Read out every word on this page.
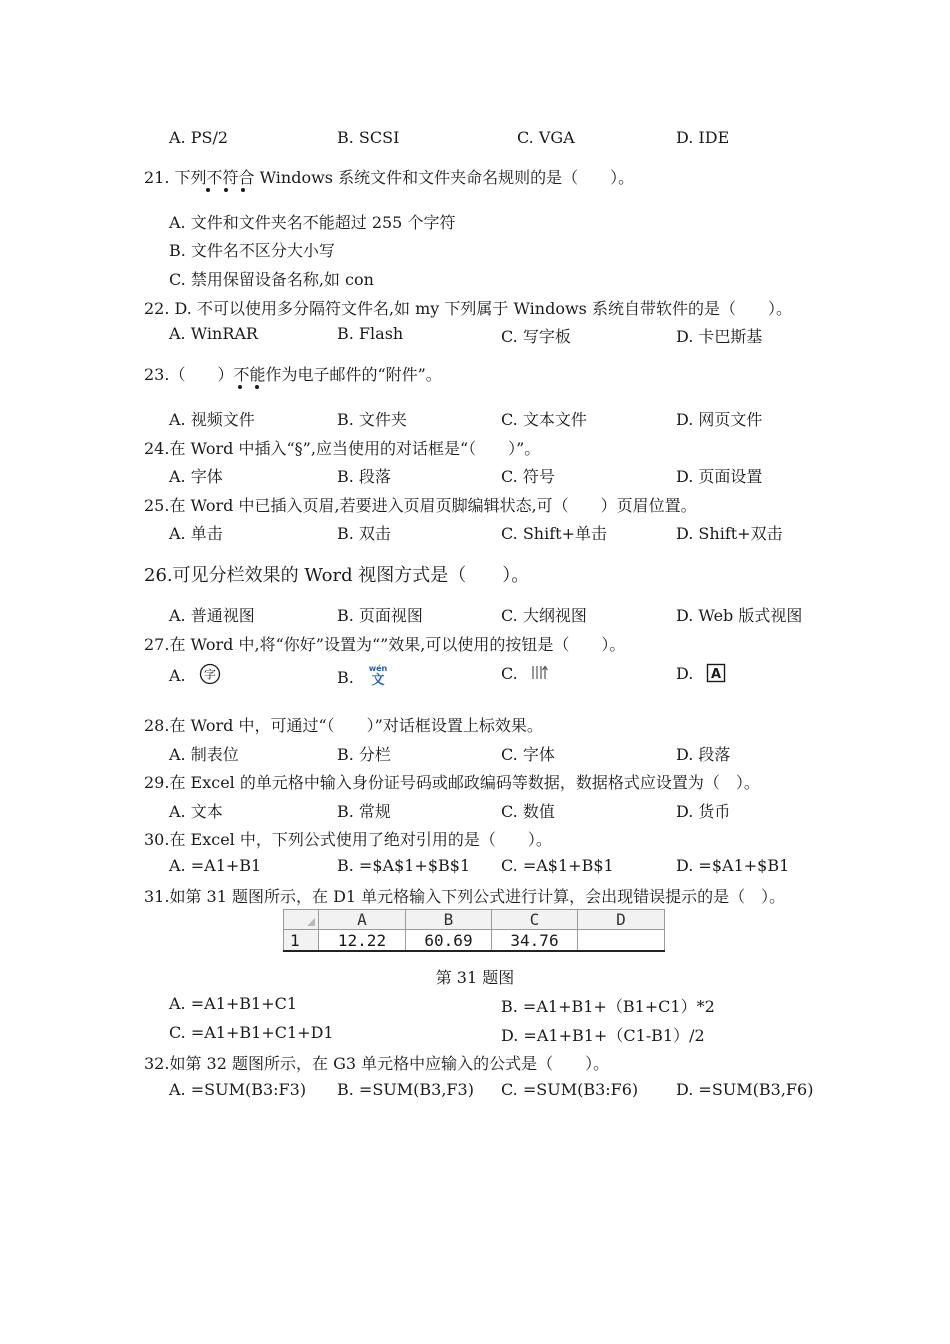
A. PS/2	B. SCSI	C. VGA	D. IDE
21. 下列不符合 Windows 系统文件和文件夹命名规则的是（　　）。
A. 文件和文件夹名不能超过 255 个字符
B. 文件名不区分大小写
C. 禁用保留设备名称,如 con
22. D. 不可以使用多分隔符文件名,如 my 下列属于 Windows 系统自带软件的是（　　）。
A. WinRAR	B. Flash	C. 写字板	D. 卡巴斯基
23.（　　）不能作为电子邮件的“附件”。
A. 视频文件	B. 文件夹	C. 文本文件	D. 网页文件
24.在 Word 中插入“§”,应当使用的对话框是“（　　）”。
A. 字体	B. 段落	C. 符号	D. 页面设置
25.在 Word 中已插入页眉,若要进入页眉页脚编辑状态,可（　　）页眉位置。
A. 单击	B. 双击	C. Shift+单击	D. Shift+双击
26.可见分栏效果的 Word 视图方式是（　　）。
A. 普通视图	B. 页面视图	C. 大纲视图	D. Web 版式视图
27.在 Word 中,将“你好”设置为“”效果,可以使用的按钮是（　　）。
A. 字	B. wén
文	C.	D. A
28.在 Word 中，可通过“（　　）”对话框设置上标效果。
A. 制表位	B. 分栏	C. 字体	D. 段落
29.在 Excel 的单元格中输入身份证号码或邮政编码等数据，数据格式应设置为（　）。
A. 文本	B. 常规	C. 数值	D. 货币
30.在 Excel 中，下列公式使用了绝对引用的是（　　）。
A. =A1+B1	B. =$A$1+$B$1 C. =A$1+B$1	D. =$A1+$B1
31.如第 31 题图所示，在 D1 单元格输入下列公式进行计算，会出现错误提示的是（　）。
	A	B	C	D
1	12.22	60.69	34.76	
第 31 题图
A. =A1+B1+C1	B. =A1+B1+（B1+C1）*2
C. =A1+B1+C1+D1	D. =A1+B1+（C1-B1）/2
32.如第 32 题图所示，在 G3 单元格中应输入的公式是（　　）。
A. =SUM(B3:F3) B. =SUM(B3,F3) C. =SUM(B3:F6) D. =SUM(B3,F6)
